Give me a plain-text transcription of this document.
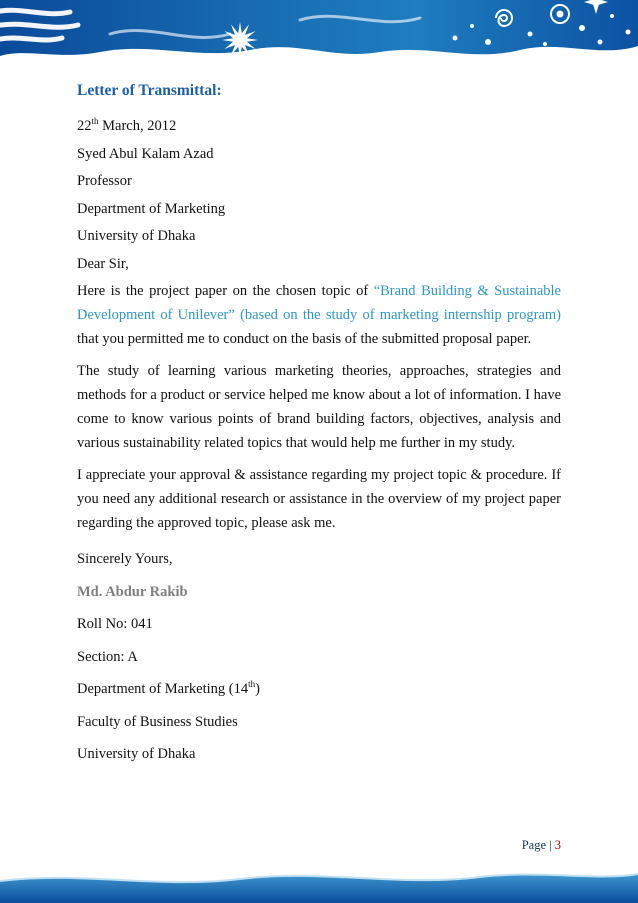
Letter of Transmittal:

22th March, 2012

Syed Abul Kalam Azad

Professor

Department of Marketing

University of Dhaka

Dear Sir,

Here is the project paper on the chosen topic of “Brand Building & Sustainable Development of Unilever” (based on the study of marketing internship program) that you permitted me to conduct on the basis of the submitted proposal paper.

The study of learning various marketing theories, approaches, strategies and methods for a product or service helped me know about a lot of information. I have come to know various points of brand building factors, objectives, analysis and various sustainability related topics that would help me further in my study.

I appreciate your approval & assistance regarding my project topic & procedure. If you need any additional research or assistance in the overview of my project paper regarding the approved topic, please ask me.

Sincerely Yours,

Md. Abdur Rakib

Roll No: 041

Section: A

Department of Marketing (14th)

Faculty of Business Studies

University of Dhaka

Page | 3
